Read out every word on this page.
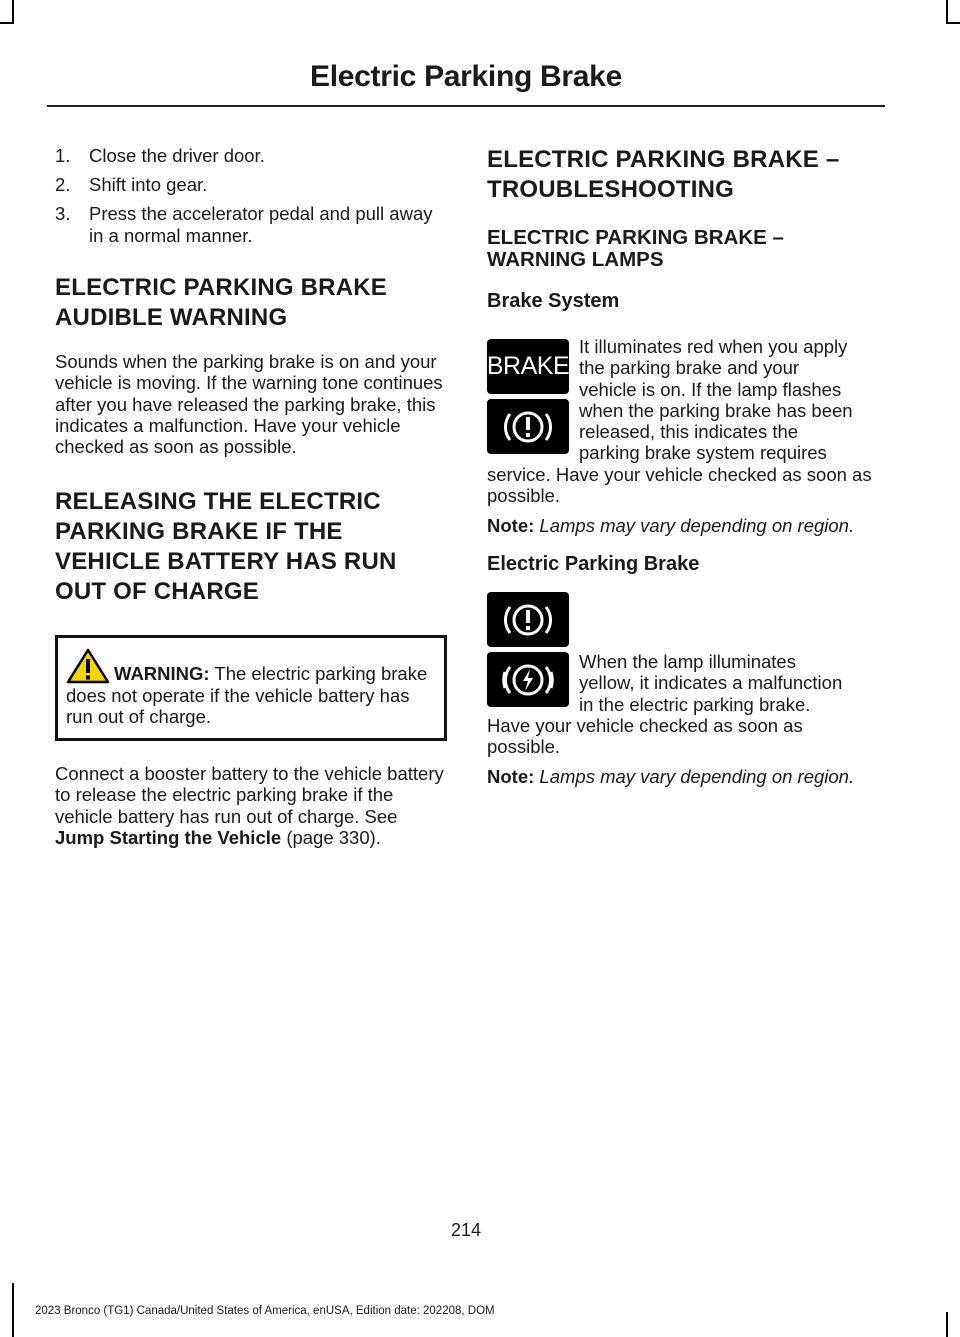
Electric Parking Brake
1. Close the driver door.
2. Shift into gear.
3. Press the accelerator pedal and pull away in a normal manner.
ELECTRIC PARKING BRAKE
AUDIBLE WARNING

Sounds when the parking brake is on and your vehicle is moving. If the warning tone continues after you have released the parking brake, this indicates a malfunction. Have your vehicle checked as soon as possible.

RELEASING THE ELECTRIC
PARKING BRAKE IF THE
VEHICLE BATTERY HAS RUN
OUT OF CHARGE
WARNING: The electric parking brake does not operate if the vehicle battery has run out of charge.

Connect a booster battery to the vehicle battery to release the electric parking brake if the vehicle battery has run out of charge. See Jump Starting the Vehicle (page 330).

ELECTRIC PARKING BRAKE –
TROUBLESHOOTING
ELECTRIC PARKING BRAKE – WARNING LAMPS
Brake System
BRAKE
It illuminates red when you apply
the parking brake and your
vehicle is on. If the lamp flashes
when the parking brake has been
released, this indicates the
parking brake system requires
service. Have your vehicle checked as soon as possible.
Note: Lamps may vary depending on region.
Electric Parking Brake
When the lamp illuminates
yellow, it indicates a malfunction
in the electric parking brake.
Have your vehicle checked as soon as possible.
Note: Lamps may vary depending on region.
214
2023 Bronco (TG1) Canada/United States of America, enUSA, Edition date: 202208, DOM
